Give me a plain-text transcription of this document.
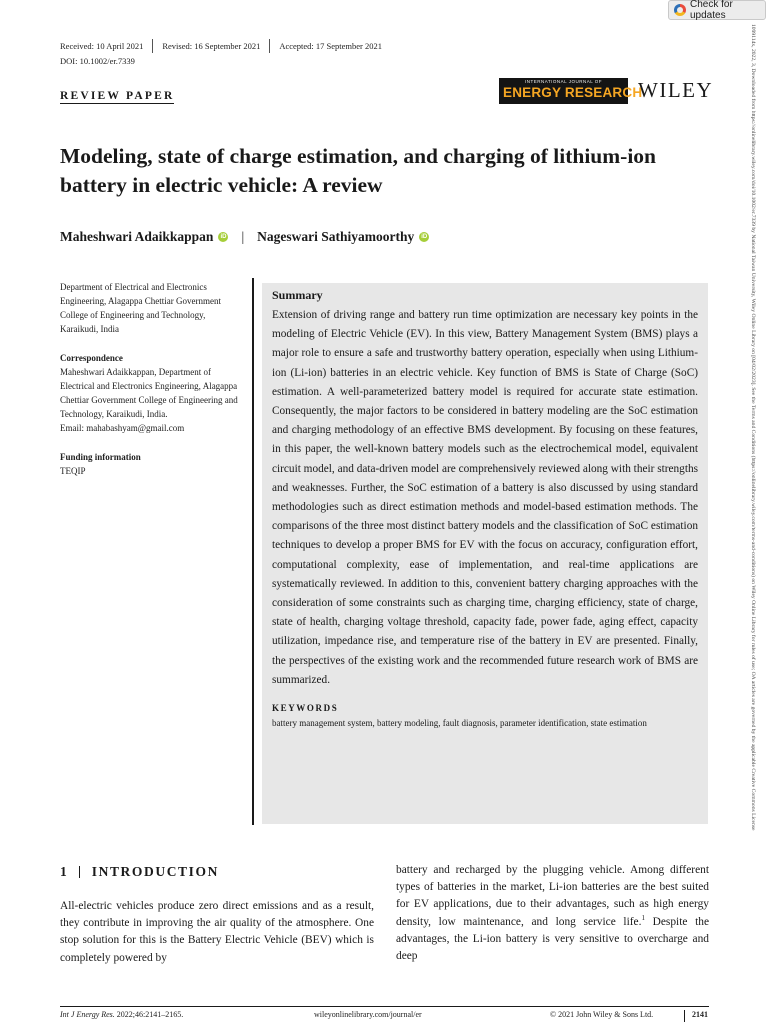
Check for updates
Received: 10 April 2021 Revised: 16 September 2021 Accepted: 17 September 2021
DOI: 10.1002/er.7339
REVIEW PAPER
INTERNATIONAL JOURNAL OF
ENERGY RESEARCH
WILEY
Modeling, state of charge estimation, and charging of lithium-ion battery in electric vehicle: A review
Maheshwari Adaikkappan	iD | Nageswari Sathiyamoorthy	iD
Department of Electrical and Electronics Engineering, Alagappa Chettiar Government College of Engineering and Technology, Karaikudi, India
Correspondence
Maheshwari Adaikkappan, Department of Electrical and Electronics Engineering, Alagappa Chettiar Government College of Engineering and Technology, Karaikudi, India.
Email: mahabashyam@gmail.com
Funding information
TEQIP
Summary
Extension of driving range and battery run time optimization are necessary key points in the modeling of Electric Vehicle (EV). In this view, Battery Management System (BMS) plays a major role to ensure a safe and trustworthy battery operation, especially when using Lithium-ion (Li-ion) batteries in an electric vehicle. Key function of BMS is State of Charge (SoC) estimation. A well-parameterized battery model is required for accurate state estimation. Consequently, the major factors to be considered in battery modeling are the SoC estimation and charging methodology of an effective BMS development. By focusing on these features, in this paper, the well-known battery models such as the electrochemical model, equivalent circuit model, and data-driven model are comprehensively reviewed along with their strengths and weaknesses. Further, the SoC estimation of a battery is also discussed by using standard methodologies such as direct estimation methods and model-based estimation methods. The comparisons of the three most distinct battery models and the classification of SoC estimation techniques to develop a proper BMS for EV with the focus on accuracy, configuration effort, computational complexity, ease of implementation, and real-time applications are systematically reviewed. In addition to this, convenient battery charging approaches with the consideration of some constraints such as charging time, charging efficiency, state of charge, state of health, charging voltage threshold, capacity fade, power fade, aging effect, capacity utilization, impedance rise, and temperature rise of the battery in EV are presented. Finally, the perspectives of the existing work and the recommended future research work of BMS are summarized.
KEYWORDS
battery management system, battery modeling, fault diagnosis, parameter identification, state estimation
1 INTRODUCTION
All-electric vehicles produce zero direct emissions and as a result, they contribute in improving the air quality of the atmosphere. One stop solution for this is the Battery Electric Vehicle (BEV) which is completely powered by
battery and recharged by the plugging vehicle. Among different types of batteries in the market, Li-ion batteries are the best suited for EV applications, due to their advantages, such as high energy density, low maintenance, and long service life.$^1$ Despite the advantages, the Li-ion battery is very sensitive to overcharge and deep
Int J Energy Res. 2022;46:2141–2165.	wileyonlinelibrary.com/journal/er	© 2021 John Wiley & Sons Ltd.	2141
1099114x, 2022, 3, Downloaded from https://onlinelibrary.wiley.com/doi/10.1002/er.7339 by National Taiwan University, Wiley Online Library on [04/02/2023]. See the Terms and Conditions (https://onlinelibrary.wiley.com/terms-and-conditions) on Wiley Online Library for rules of use; OA articles are governed by the applicable Creative Commons License
